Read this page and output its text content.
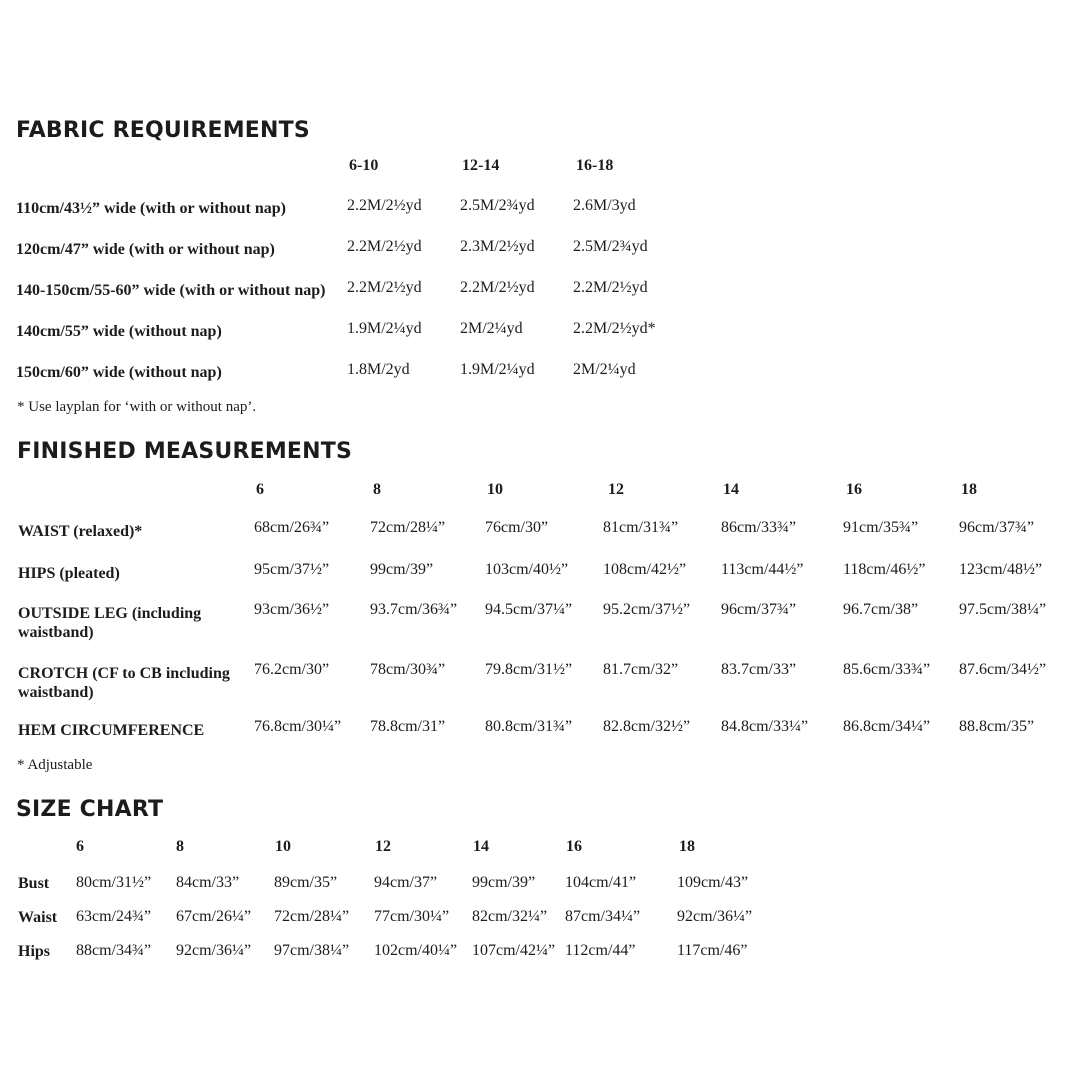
FABRIC REQUIREMENTS
FINISHED MEASUREMENTS
SIZE CHART
* Use layplan for ‘with or without nap’.
* Adjustable
6-10	12-14	16-18
110cm/43½” wide (with or without nap)	2.2M/2½yd 2.5M/2¾yd 2.6M/3yd
120cm/47” wide (with or without nap)	2.2M/2½yd 2.3M/2½yd 2.5M/2¾yd
140-150cm/55-60” wide (with or without nap)	2.2M/2½yd 2.2M/2½yd 2.2M/2½yd
140cm/55” wide (without nap)	1.9M/2¼yd 2M/2¼yd	2.2M/2½yd*
150cm/60” wide (without nap)	1.8M/2yd	1.9M/2¼yd 2M/2¼yd
6	8	10	12	14	16	18
WAIST (relaxed)*	68cm/26¾”	72cm/28¼” 76cm/30”	81cm/31¾”	86cm/33¾”	91cm/35¾”	96cm/37¾”
HIPS (pleated)	95cm/37½”	99cm/39”	103cm/40½” 108cm/42½” 113cm/44½” 118cm/46½” 123cm/48½”
OUTSIDE LEG (including waistband)
93cm/36½”	93.7cm/36¾” 94.5cm/37¼” 95.2cm/37½” 96cm/37¾”	96.7cm/38”	97.5cm/38¼”
CROTCH (CF to CB including waistband)
76.2cm/30”	78cm/30¾” 79.8cm/31½” 81.7cm/32”	83.7cm/33”	85.6cm/33¾” 87.6cm/34½”
HEM CIRCUMFERENCE	76.8cm/30¼” 78.8cm/31” 80.8cm/31¾” 82.8cm/32½” 84.8cm/33¼” 86.8cm/34¼” 88.8cm/35”
6	8	10	12	14	16	18
Bust	80cm/31½” 84cm/33” 89cm/35” 94cm/37” 99cm/39” 104cm/41”	109cm/43”
Waist	63cm/24¾” 67cm/26¼” 72cm/28¼” 77cm/30¼” 82cm/32¼” 87cm/34¼” 92cm/36¼”
Hips	88cm/34¾” 92cm/36¼” 97cm/38¼” 102cm/40¼” 107cm/42¼” 112cm/44”	117cm/46”
